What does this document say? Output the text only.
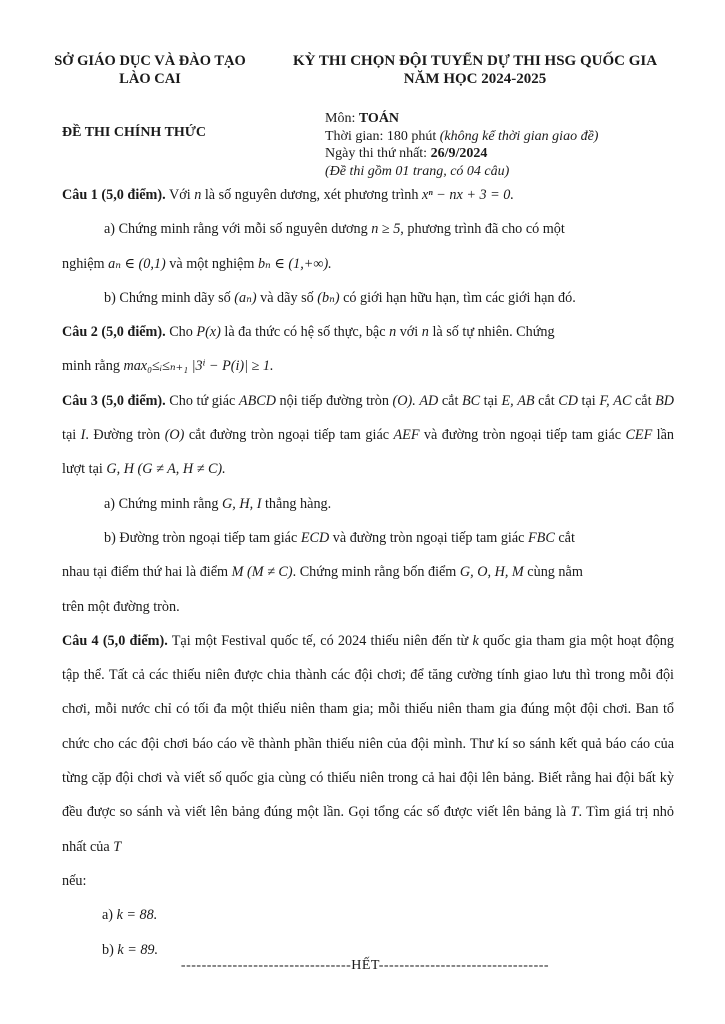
SỞ GIÁO DỤC VÀ ĐÀO TẠO
LÀO CAI
KỲ THI CHỌN ĐỘI TUYỂN DỰ THI HSG QUỐC GIA
NĂM HỌC 2024-2025
ĐỀ THI CHÍNH THỨC
Môn: TOÁN
Thời gian: 180 phút (không kể thời gian giao đề)
Ngày thi thứ nhất: 26/9/2024
(Đề thi gồm 01 trang, có 04 câu)

Câu 1 (5,0 điểm). Với n là số nguyên dương, xét phương trình xⁿ − nx + 3 = 0.

a) Chứng minh rằng với mỗi số nguyên dương n ≥ 5, phương trình đã cho có một

nghiệm aₙ ∈ (0,1) và một nghiệm bₙ ∈ (1,+∞).

b) Chứng minh dãy số (aₙ) và dãy số (bₙ) có giới hạn hữu hạn, tìm các giới hạn đó.

Câu 2 (5,0 điểm). Cho P(x) là đa thức có hệ số thực, bậc n với n là số tự nhiên. Chứng

minh rằng max₀≤ᵢ≤ₙ₊₁ |3ⁱ − P(i)| ≥ 1.

Câu 3 (5,0 điểm). Cho tứ giác ABCD nội tiếp đường tròn (O). AD cắt BC tại E, AB cắt CD tại F, AC cắt BD tại I. Đường tròn (O) cắt đường tròn ngoại tiếp tam giác AEF và đường tròn ngoại tiếp tam giác CEF lần lượt tại G, H (G ≠ A, H ≠ C).

a) Chứng minh rằng G, H, I thẳng hàng.

b) Đường tròn ngoại tiếp tam giác ECD và đường tròn ngoại tiếp tam giác FBC cắt

nhau tại điểm thứ hai là điểm M (M ≠ C). Chứng minh rằng bốn điểm G, O, H, M cùng nằm

trên một đường tròn.

Câu 4 (5,0 điểm). Tại một Festival quốc tế, có 2024 thiếu niên đến từ k quốc gia tham gia một hoạt động tập thể. Tất cả các thiếu niên được chia thành các đội chơi; để tăng cường tính giao lưu thì trong mỗi đội chơi, mỗi nước chỉ có tối đa một thiếu niên tham gia; mỗi thiếu niên tham gia đúng một đội chơi. Ban tổ chức cho các đội chơi báo cáo về thành phần thiếu niên của đội mình. Thư kí so sánh kết quả báo cáo của từng cặp đội chơi và viết số quốc gia cùng có thiếu niên trong cả hai đội lên bảng. Biết rằng hai đội bất kỳ đều được so sánh và viết lên bảng đúng một lần. Gọi tổng các số được viết lên bảng là T. Tìm giá trị nhỏ nhất của T

nếu:

a) k = 88.

b) k = 89.

---------------------------------HẾT---------------------------------
